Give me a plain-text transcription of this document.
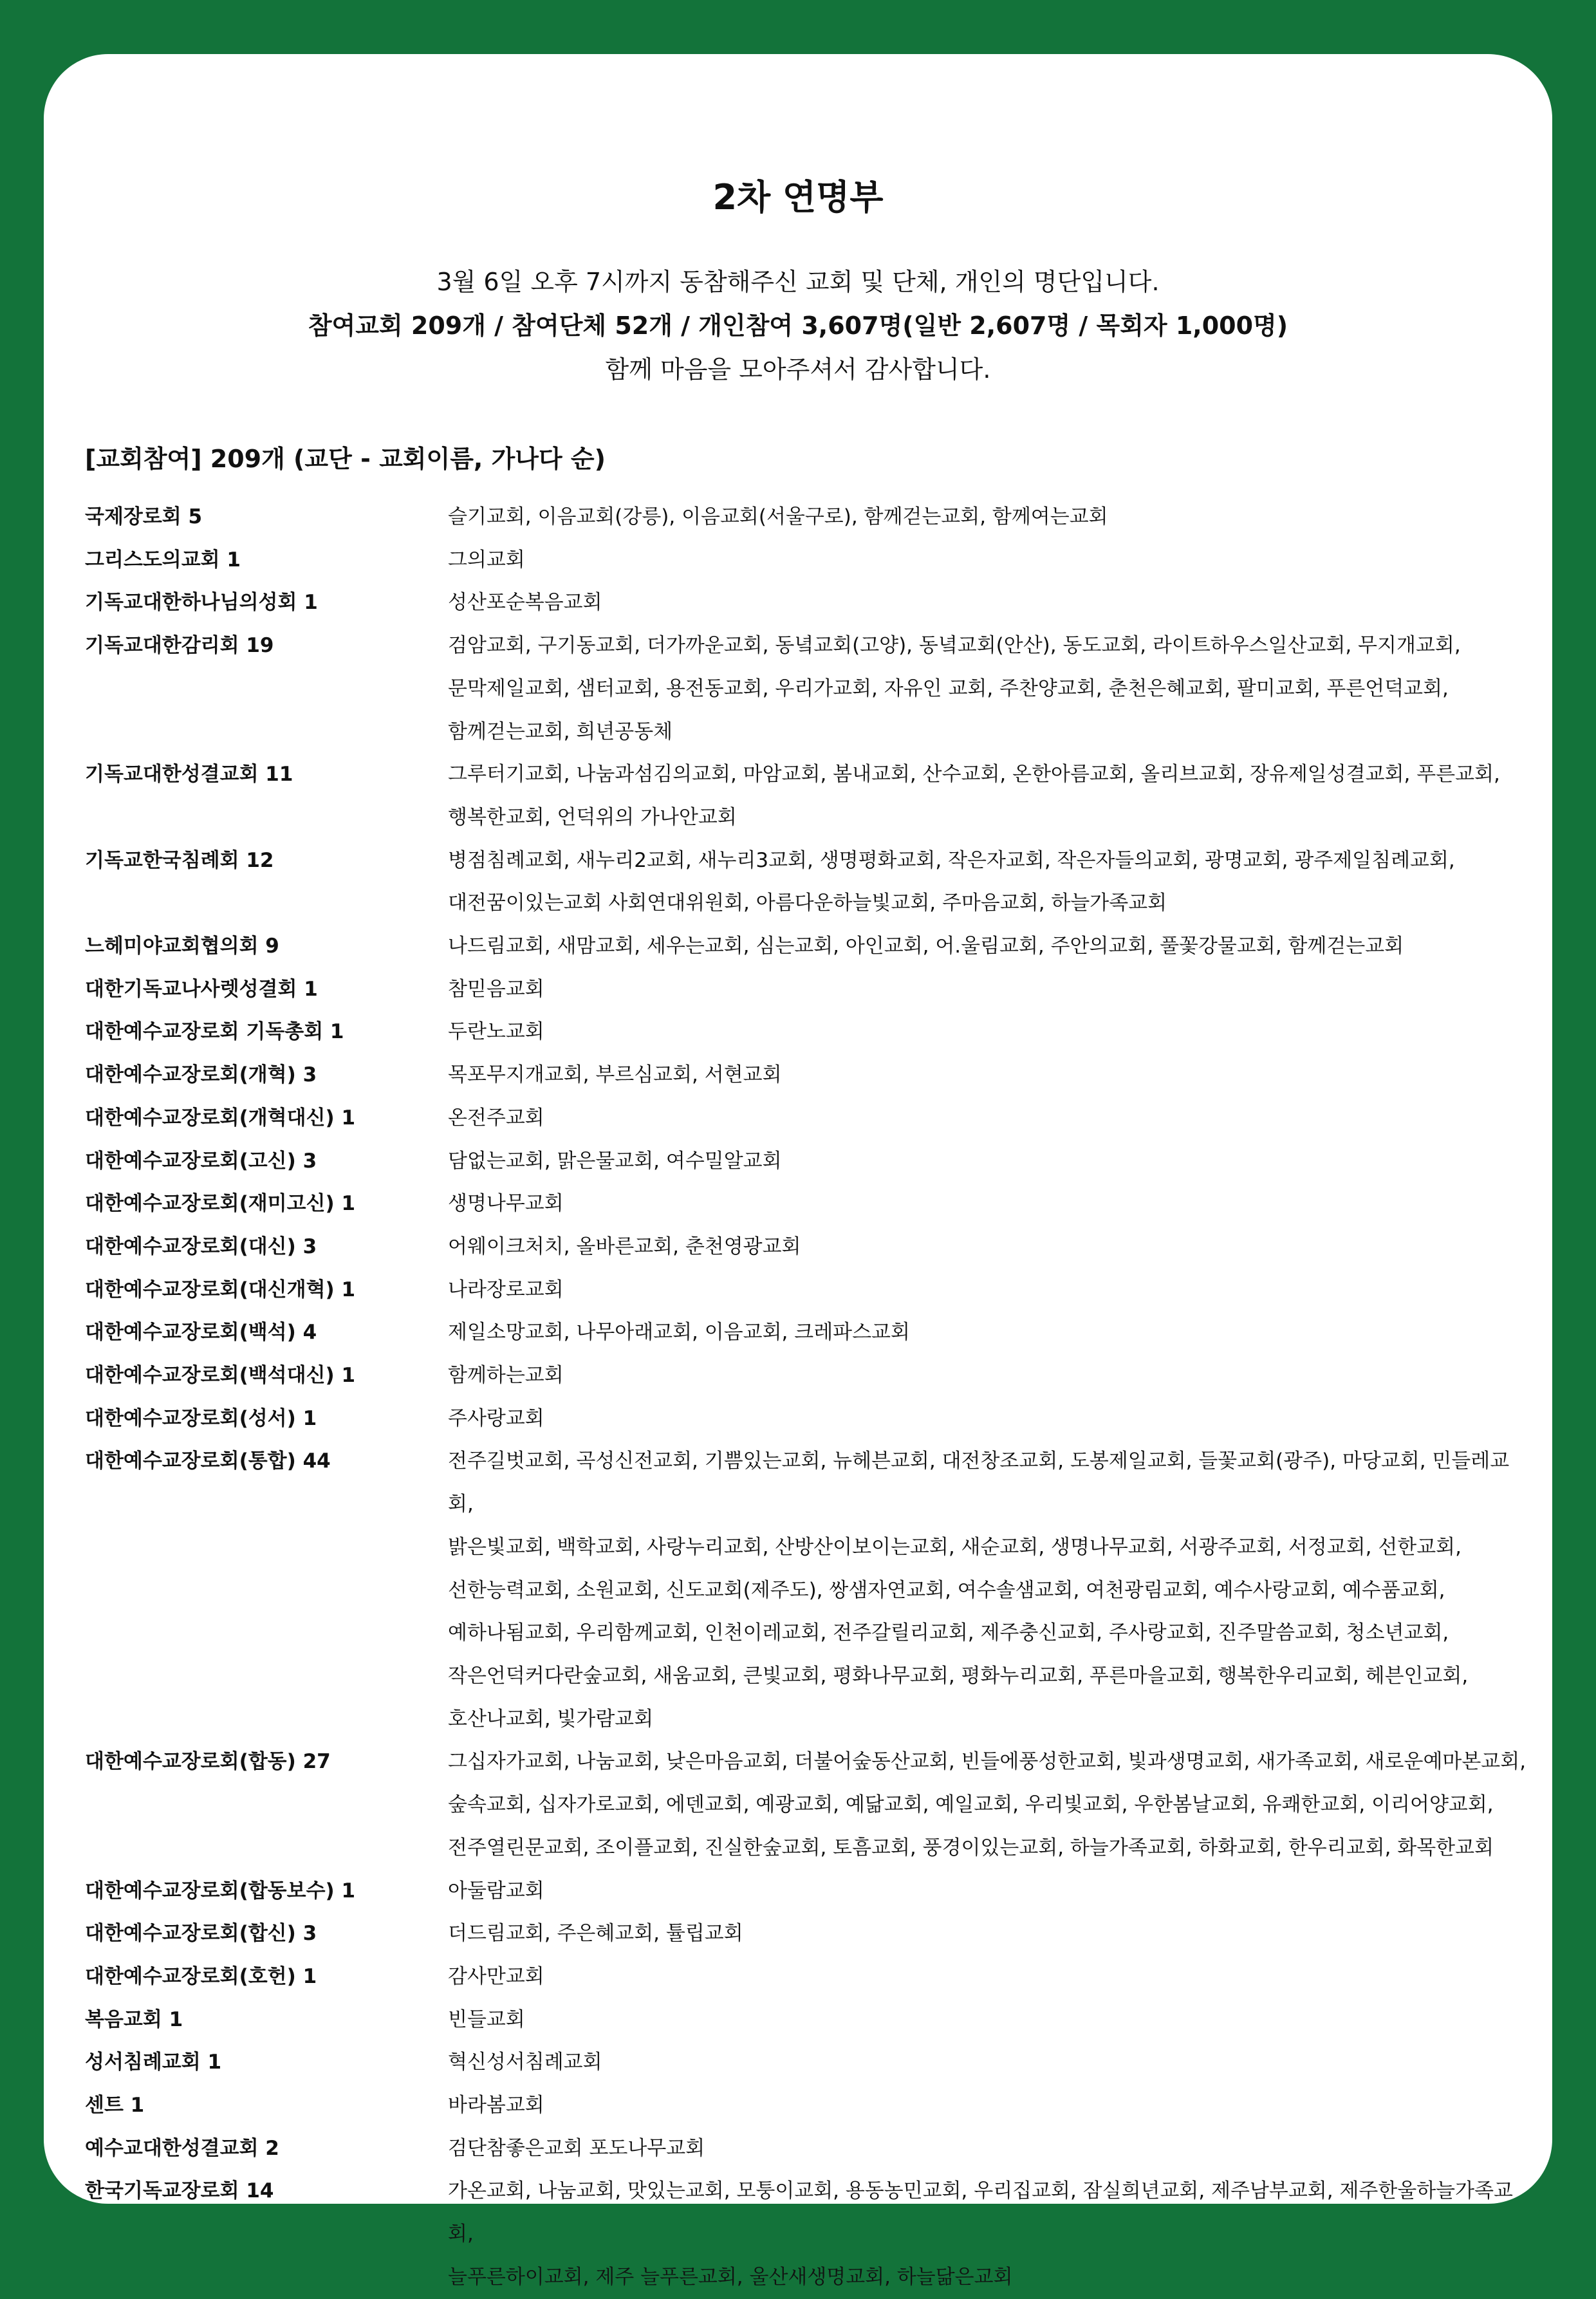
2차 연명부

3월 6일 오후 7시까지 동참해주신 교회 및 단체, 개인의 명단입니다.

참여교회 209개 / 참여단체 52개 / 개인참여 3,607명(일반 2,607명 / 목회자 1,000명)

함께 마음을 모아주셔서 감사합니다.

[교회참여] 209개 (교단 - 교회이름, 가나다 순)
국제장로회 5	슬기교회, 이음교회(강릉), 이음교회(서울구로), 함께걷는교회, 함께여는교회
그리스도의교회 1	그의교회
기독교대한하나님의성회 1	성산포순복음교회
기독교대한감리회 19	검암교회, 구기동교회, 더가까운교회, 동녘교회(고양), 동녘교회(안산), 동도교회, 라이트하우스일산교회, 무지개교회,
문막제일교회, 샘터교회, 용전동교회, 우리가교회, 자유인 교회, 주찬양교회, 춘천은혜교회, 팔미교회, 푸른언덕교회,
함께걷는교회, 희년공동체
기독교대한성결교회 11	그루터기교회, 나눔과섬김의교회, 마암교회, 봄내교회, 산수교회, 온한아름교회, 올리브교회, 장유제일성결교회, 푸른교회,
행복한교회, 언덕위의 가나안교회
기독교한국침례회 12	병점침례교회, 새누리2교회, 새누리3교회, 생명평화교회, 작은자교회, 작은자들의교회, 광명교회, 광주제일침례교회,
대전꿈이있는교회 사회연대위원회, 아름다운하늘빛교회, 주마음교회, 하늘가족교회
느헤미야교회협의회 9	나드림교회, 새맘교회, 세우는교회, 심는교회, 아인교회, 어.울림교회, 주안의교회, 풀꽃강물교회, 함께걷는교회
대한기독교나사렛성결회 1	참믿음교회
대한예수교장로회 기독총회 1	두란노교회
대한예수교장로회(개혁) 3	목포무지개교회, 부르심교회, 서현교회
대한예수교장로회(개혁대신) 1	온전주교회
대한예수교장로회(고신) 3	담없는교회, 맑은물교회, 여수밀알교회
대한예수교장로회(재미고신) 1	생명나무교회
대한예수교장로회(대신) 3	어웨이크처치, 올바른교회, 춘천영광교회
대한예수교장로회(대신개혁) 1	나라장로교회
대한예수교장로회(백석) 4	제일소망교회, 나무아래교회, 이음교회, 크레파스교회
대한예수교장로회(백석대신) 1	함께하는교회
대한예수교장로회(성서) 1	주사랑교회
대한예수교장로회(통합) 44	전주길벗교회, 곡성신전교회, 기쁨있는교회, 뉴헤븐교회, 대전창조교회, 도봉제일교회, 들꽃교회(광주), 마당교회, 민들레교회,
밝은빛교회, 백학교회, 사랑누리교회, 산방산이보이는교회, 새순교회, 생명나무교회, 서광주교회, 서정교회, 선한교회,
선한능력교회, 소원교회, 신도교회(제주도), 쌍샘자연교회, 여수솔샘교회, 여천광림교회, 예수사랑교회, 예수품교회,
예하나됨교회, 우리함께교회, 인천이레교회, 전주갈릴리교회, 제주충신교회, 주사랑교회, 진주말씀교회, 청소년교회,
작은언덕커다란숲교회, 새움교회, 큰빛교회, 평화나무교회, 평화누리교회, 푸른마을교회, 행복한우리교회, 헤븐인교회,
호산나교회, 빛가람교회
대한예수교장로회(합동) 27	그십자가교회, 나눔교회, 낮은마음교회, 더불어숲동산교회, 빈들에풍성한교회, 빛과생명교회, 새가족교회, 새로운예마본교회,
숲속교회, 십자가로교회, 에덴교회, 예광교회, 예닮교회, 예일교회, 우리빛교회, 우한봄날교회, 유쾌한교회, 이리어양교회,
전주열린문교회, 조이플교회, 진실한숲교회, 토흠교회, 풍경이있는교회, 하늘가족교회, 하화교회, 한우리교회, 화목한교회
대한예수교장로회(합동보수) 1	아둘람교회
대한예수교장로회(합신) 3	더드림교회, 주은혜교회, 튤립교회
대한예수교장로회(호헌) 1	감사만교회
복음교회 1	빈들교회
성서침례교회 1	혁신성서침례교회
센트 1	바라봄교회
예수교대한성결교회 2	검단참좋은교회 포도나무교회
한국기독교장로회 14	가온교회, 나눔교회, 맛있는교회, 모퉁이교회, 용동농민교회, 우리집교회, 잠실희년교회, 제주남부교회, 제주한울하늘가족교회,
늘푸른하이교회, 제주 늘푸른교회, 울산새생명교회, 하늘닮은교회
